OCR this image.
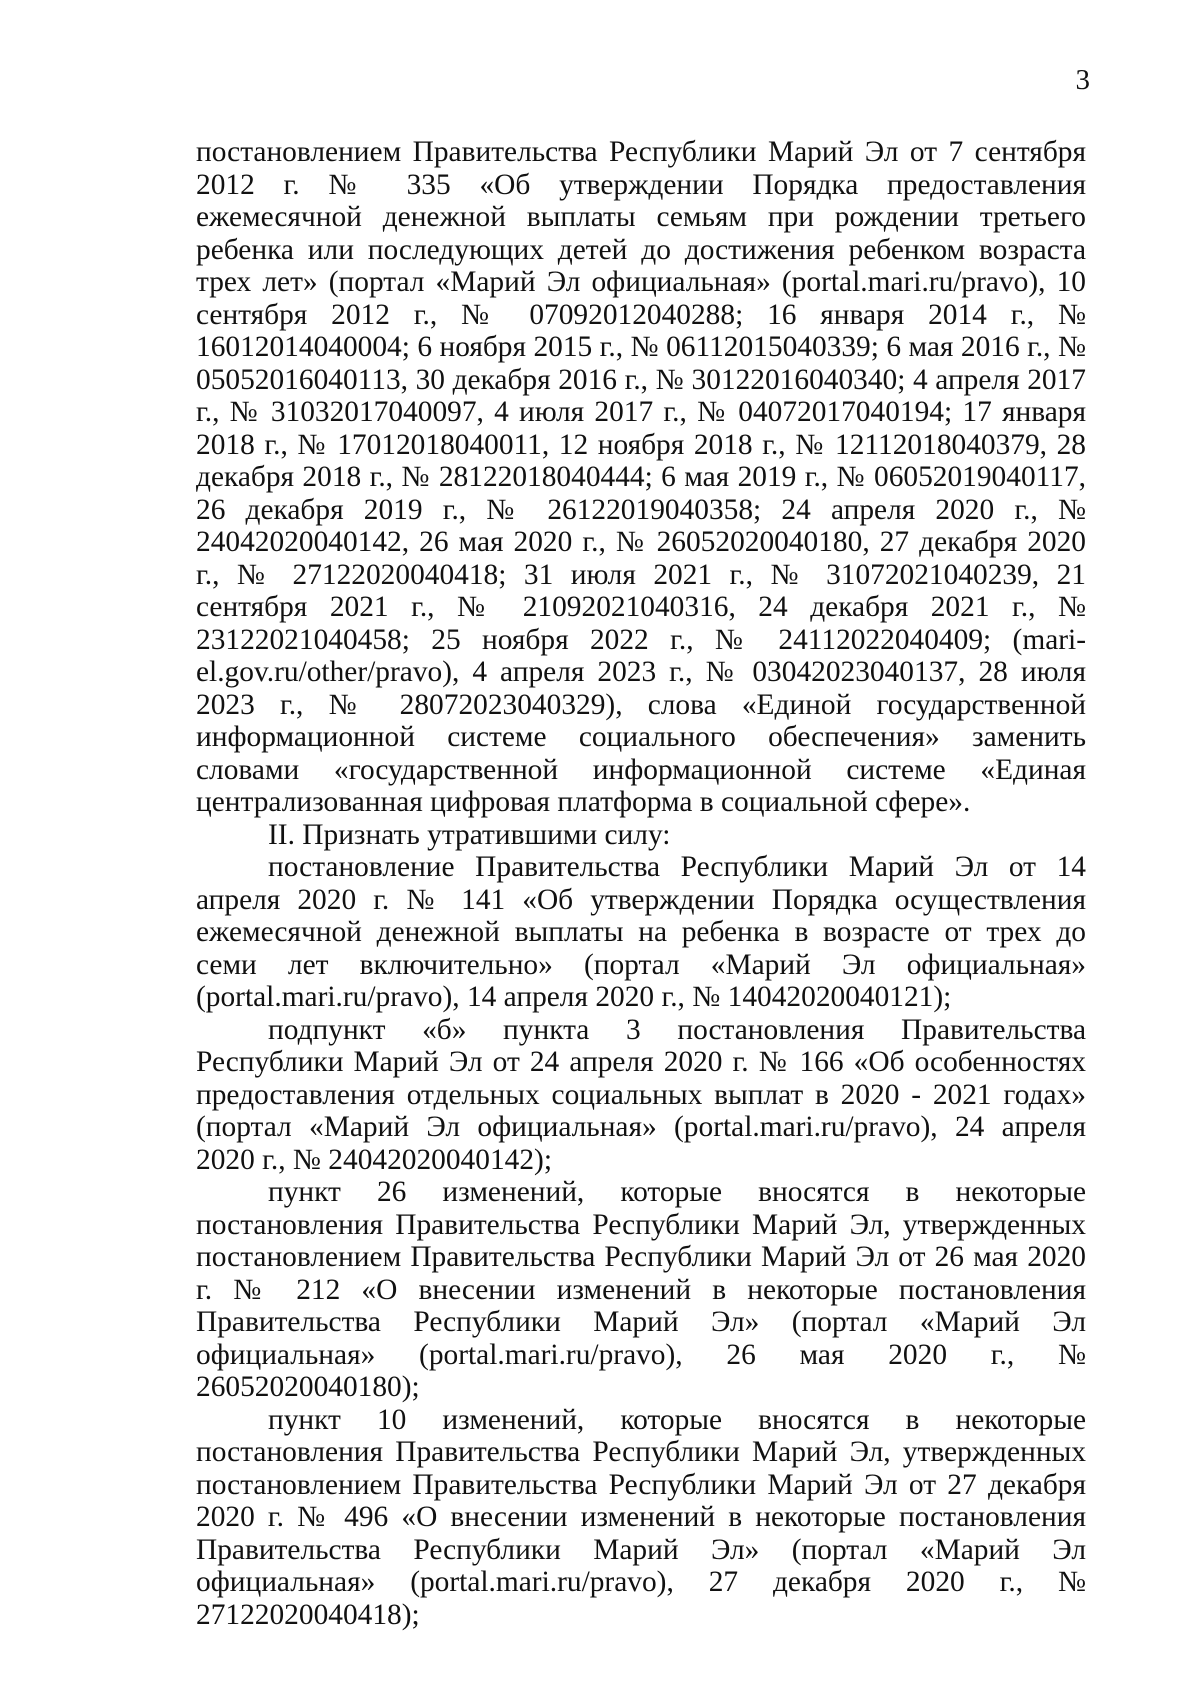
3

постановлением Правительства Республики Марий Эл от 7 сентября 2012 г. № 335 «Об утверждении Порядка предоставления ежемесячной денежной выплаты семьям при рождении третьего ребенка или последующих детей до достижения ребенком возраста трех лет» (портал «Марий Эл официальная» (portal.mari.ru/pravo), 10 сентября 2012 г., № 07092012040288; 16 января 2014 г., № 16012014040004; 6 ноября 2015 г., № 06112015040339; 6 мая 2016 г., № 05052016040113, 30 декабря 2016 г., № 30122016040340; 4 апреля 2017 г., № 31032017040097, 4 июля 2017 г., № 04072017040194; 17 января 2018 г., № 17012018040011, 12 ноября 2018 г., № 12112018040379, 28 декабря 2018 г., № 28122018040444; 6 мая 2019 г., № 06052019040117, 26 декабря 2019 г., № 26122019040358; 24 апреля 2020 г., № 24042020040142, 26 мая 2020 г., № 26052020040180, 27 декабря 2020 г., № 27122020040418; 31 июля 2021 г., № 31072021040239, 21 сентября 2021 г., № 21092021040316, 24 декабря 2021 г., № 23122021040458; 25 ноября 2022 г., № 24112022040409; (mari-el.gov.ru/other/pravo), 4 апреля 2023 г., № 03042023040137, 28 июля 2023 г., № 28072023040329), слова «Единой государственной информационной системе социального обеспечения» заменить словами «государственной информационной системе «Единая централизованная цифровая платформа в социальной сфере».

II. Признать утратившими силу:

постановление Правительства Республики Марий Эл от 14 апреля 2020 г. № 141 «Об утверждении Порядка осуществления ежемесячной денежной выплаты на ребенка в возрасте от трех до семи лет включительно» (портал «Марий Эл официальная» (portal.mari.ru/pravo), 14 апреля 2020 г., № 14042020040121);

подпункт «б» пункта 3 постановления Правительства Республики Марий Эл от 24 апреля 2020 г. № 166 «Об особенностях предоставления отдельных социальных выплат в 2020 - 2021 годах» (портал «Марий Эл официальная» (portal.mari.ru/pravo), 24 апреля 2020 г., № 24042020040142);

пункт 26 изменений, которые вносятся в некоторые постановления Правительства Республики Марий Эл, утвержденных постановлением Правительства Республики Марий Эл от 26 мая 2020 г. № 212 «О внесении изменений в некоторые постановления Правительства Республики Марий Эл» (портал «Марий Эл официальная» (portal.mari.ru/pravo), 26 мая 2020 г., № 26052020040180);

пункт 10 изменений, которые вносятся в некоторые постановления Правительства Республики Марий Эл, утвержденных постановлением Правительства Республики Марий Эл от 27 декабря 2020 г. № 496 «О внесении изменений в некоторые постановления Правительства Республики Марий Эл» (портал «Марий Эл официальная» (portal.mari.ru/pravo), 27 декабря 2020 г., № 27122020040418);
